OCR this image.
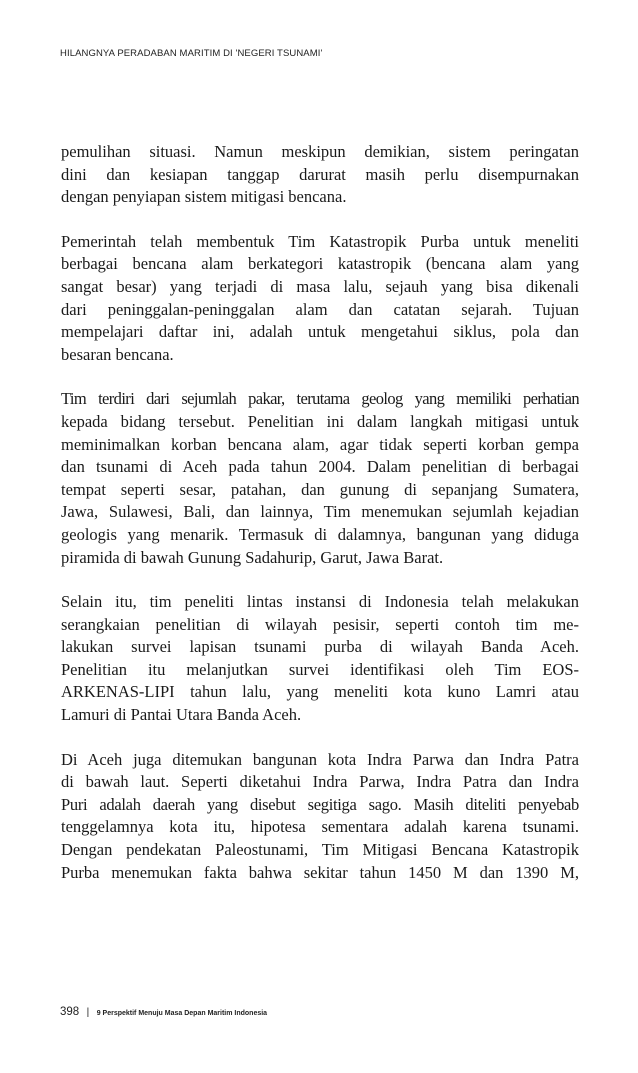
HILANGNYA PERADABAN MARITIM DI 'NEGERI TSUNAMI'

pemulihan situasi. Namun meskipun demikian, sistem peringatan
dini dan kesiapan tanggap darurat masih perlu disempurnakan
dengan penyiapan sistem mitigasi bencana.

Pemerintah telah membentuk Tim Katastropik Purba untuk meneliti
berbagai bencana alam berkategori katastropik (bencana alam yang
sangat besar) yang terjadi di masa lalu, sejauh yang bisa dikenali
dari peninggalan-peninggalan alam dan catatan sejarah. Tujuan
mempelajari daftar ini, adalah untuk mengetahui siklus, pola dan
besaran bencana.

Tim terdiri dari sejumlah pakar, terutama geolog yang memiliki perhatian
kepada bidang tersebut. Penelitian ini dalam langkah mitigasi untuk
meminimalkan korban bencana alam, agar tidak seperti korban gempa
dan tsunami di Aceh pada tahun 2004. Dalam penelitian di berbagai
tempat seperti sesar, patahan, dan gunung di sepanjang Sumatera,
Jawa, Sulawesi, Bali, dan lainnya, Tim menemukan sejumlah kejadian
geologis yang menarik. Termasuk di dalamnya, bangunan yang diduga
piramida di bawah Gunung Sadahurip, Garut, Jawa Barat.

Selain itu, tim peneliti lintas instansi di Indonesia telah melakukan
serangkaian penelitian di wilayah pesisir, seperti contoh tim me-
lakukan survei lapisan tsunami purba di wilayah Banda Aceh.
Penelitian itu melanjutkan survei identifikasi oleh Tim EOS-
ARKENAS-LIPI tahun lalu, yang meneliti kota kuno Lamri atau
Lamuri di Pantai Utara Banda Aceh.

Di Aceh juga ditemukan bangunan kota Indra Parwa dan Indra Patra
di bawah laut. Seperti diketahui Indra Parwa, Indra Patra dan Indra
Puri adalah daerah yang disebut segitiga sago. Masih diteliti penyebab
tenggelamnya kota itu, hipotesa sementara adalah karena tsunami.
Dengan pendekatan Paleostunami, Tim Mitigasi Bencana Katastropik
Purba menemukan fakta bahwa sekitar tahun 1450 M dan 1390 M,

398 | 9 Perspektif Menuju Masa Depan Maritim Indonesia
